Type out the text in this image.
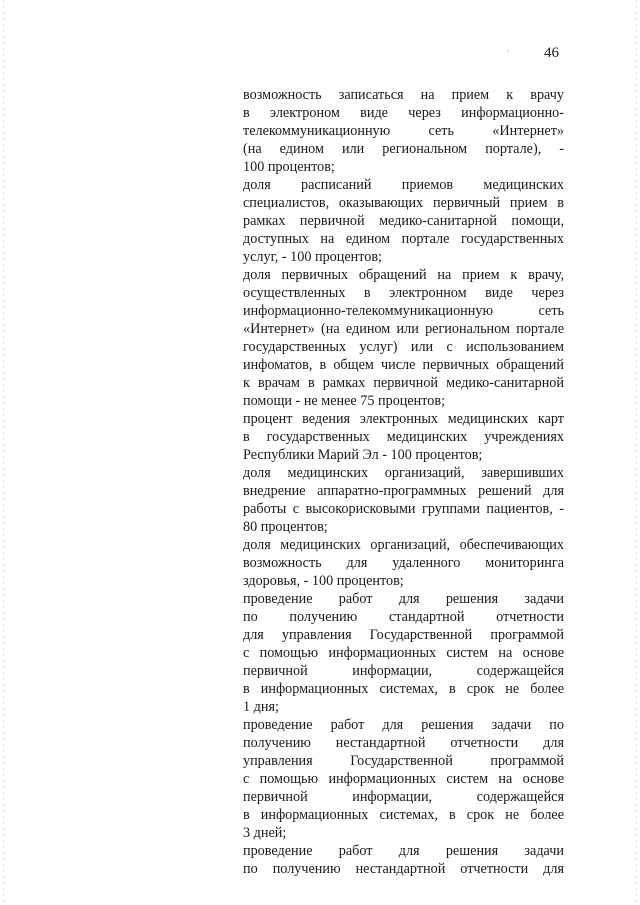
46
возможность записаться на прием к врачу
в электроном виде через информационно-
телекоммуникационную сеть «Интернет»
(на едином или региональном портале), -
100 процентов;
доля расписаний приемов медицинских
специалистов, оказывающих первичный прием в
рамках первичной медико-санитарной помощи,
доступных на едином портале государственных
услуг, - 100 процентов;
доля первичных обращений на прием к врачу,
осуществленных в электронном виде через
информационно-телекоммуникационную сеть
«Интернет» (на едином или региональном портале
государственных услуг) или с использованием
инфоматов, в общем числе первичных обращений
к врачам в рамках первичной медико-санитарной
помощи - не менее 75 процентов;
процент ведения электронных медицинских карт
в государственных медицинских учреждениях
Республики Марий Эл - 100 процентов;
доля медицинских организаций, завершивших
внедрение аппаратно-программных решений для
работы с высокорисковыми группами пациентов, -
80 процентов;
доля медицинских организаций, обеспечивающих
возможность для удаленного мониторинга
здоровья, - 100 процентов;
проведение работ для решения задачи
по получению стандартной отчетности
для управления Государственной программой
с помощью информационных систем на основе
первичной информации, содержащейся
в информационных системах, в срок не более
1 дня;
проведение работ для решения задачи по
получению нестандартной отчетности для
управления Государственной программой
с помощью информационных систем на основе
первичной информации, содержащейся
в информационных системах, в срок не более
3 дней;
проведение работ для решения задачи
по получению нестандартной отчетности для
